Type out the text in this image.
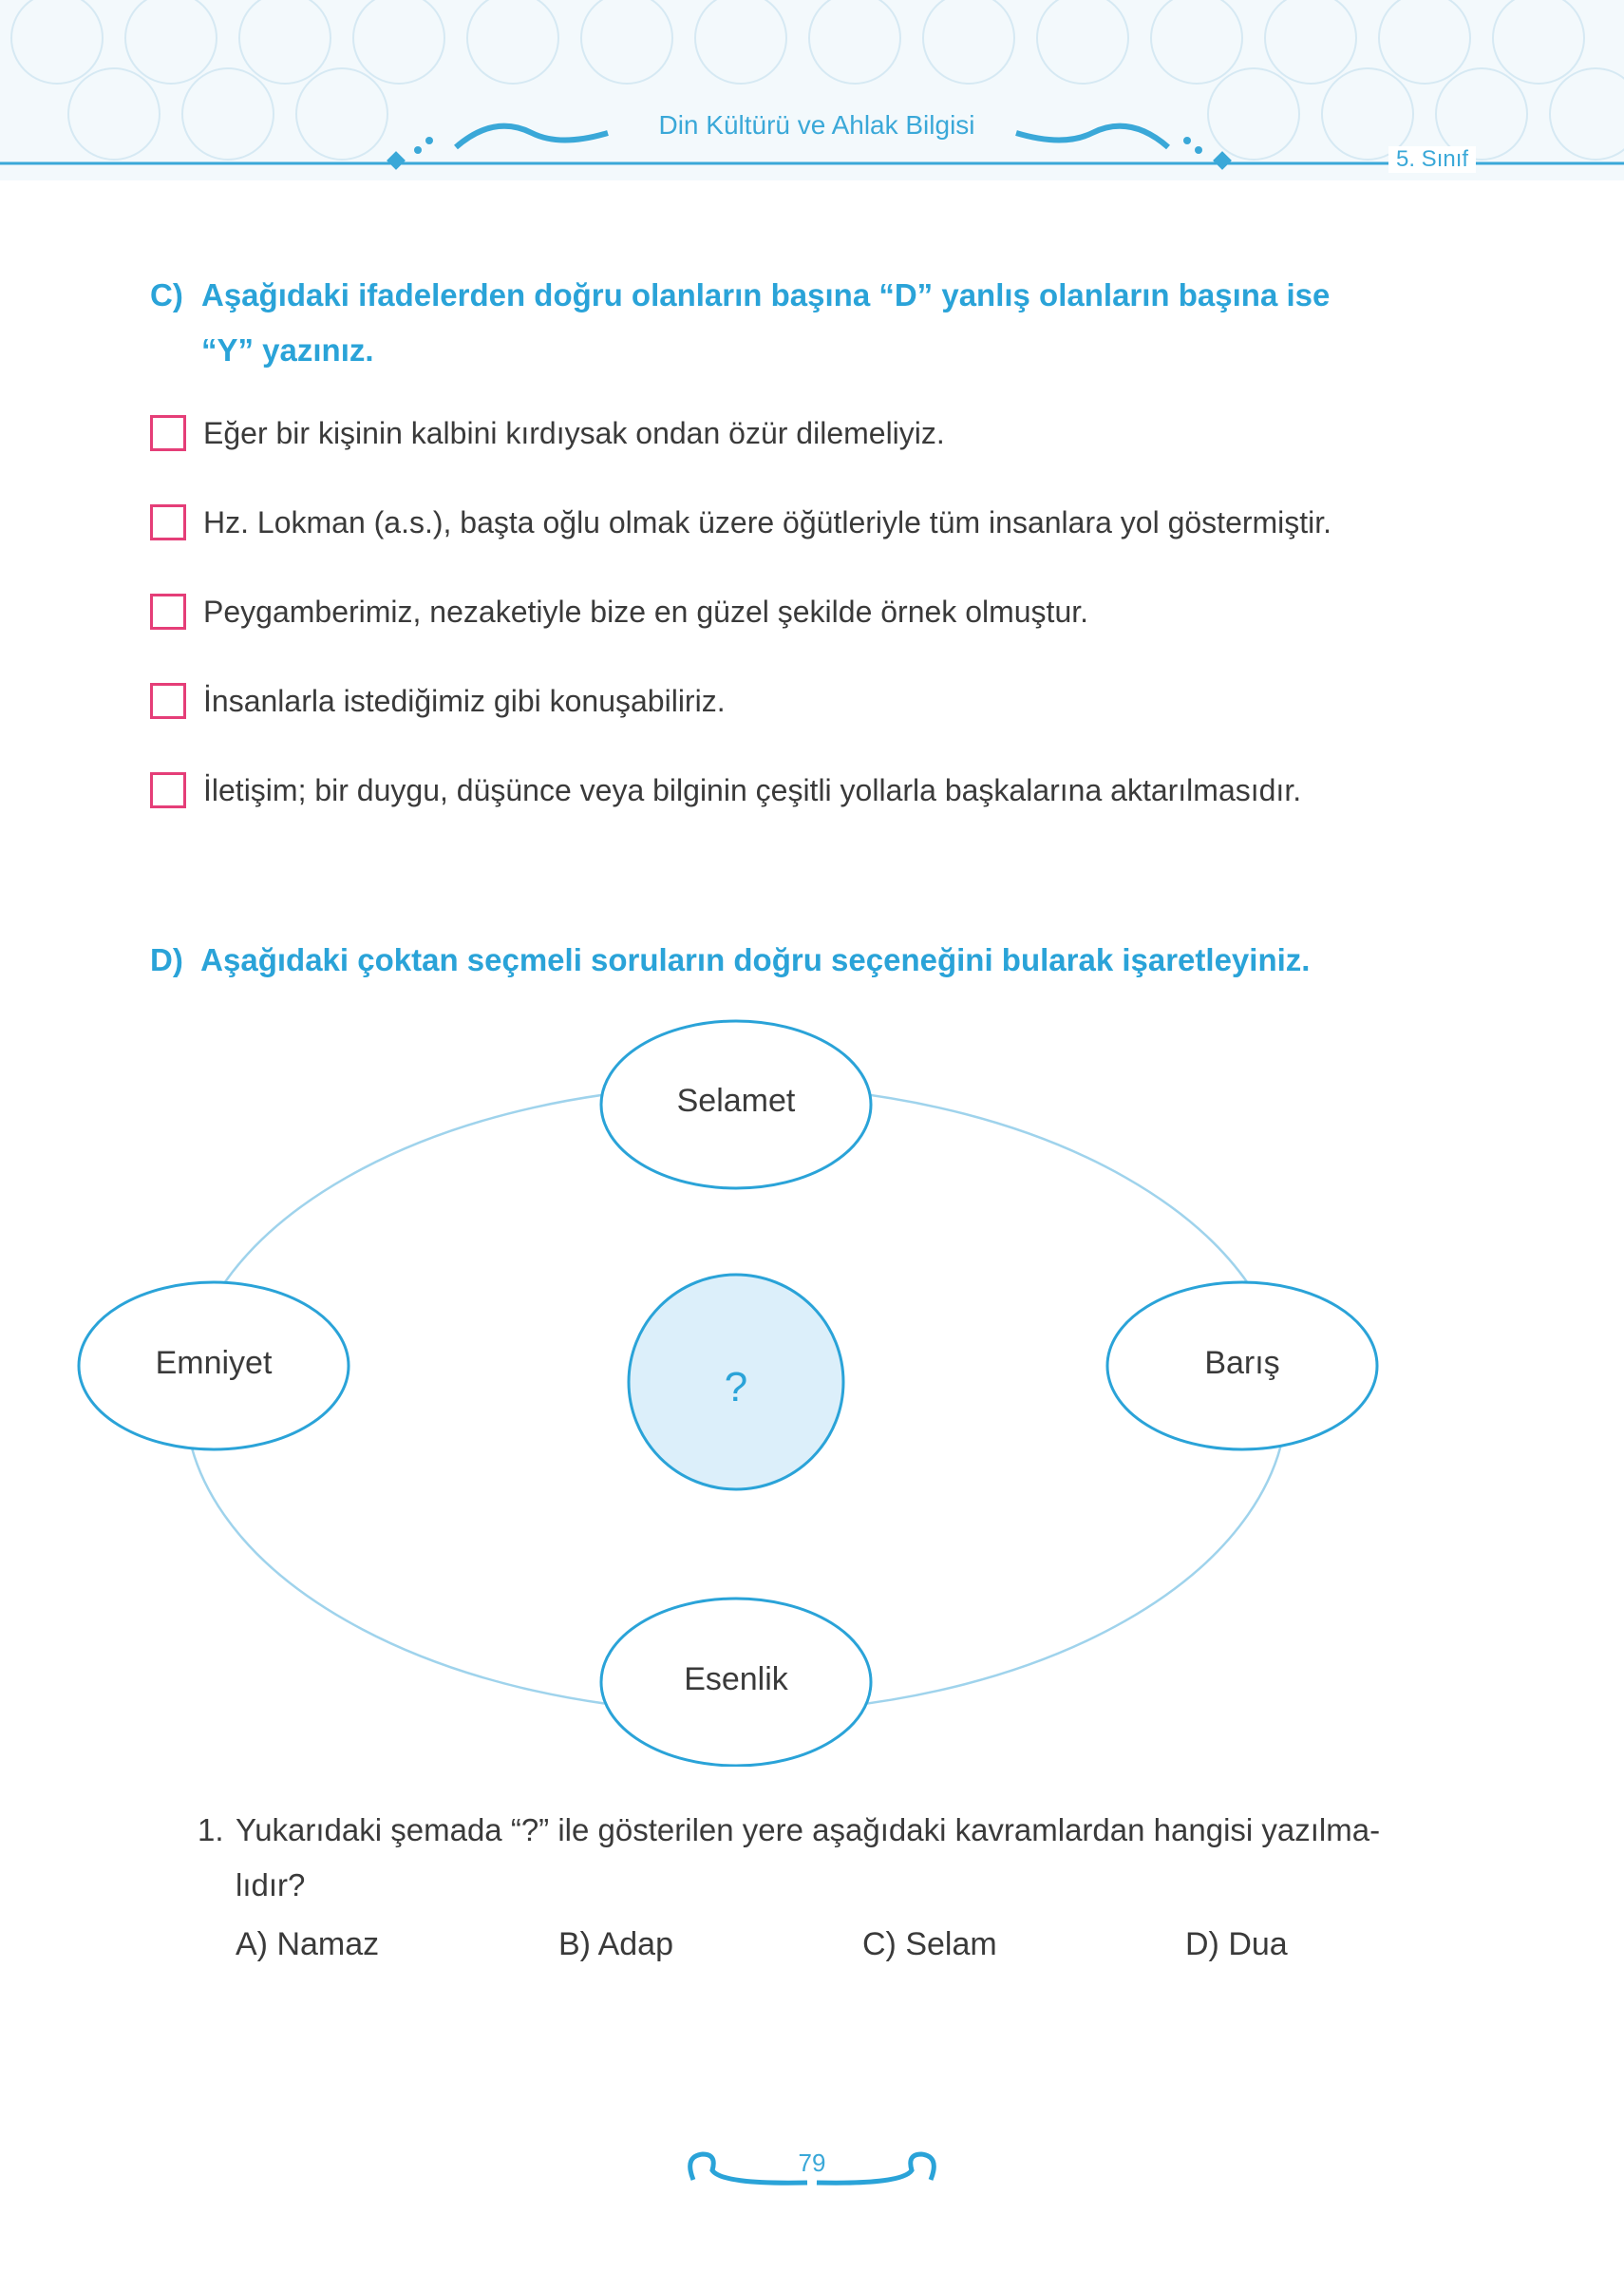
Din Kültürü ve Ahlak Bilgisi
5. Sınıf
C) Aşağıdaki ifadelerden doğru olanların başına “D” yanlış olanların başına ise
“Y” yazınız.
Eğer bir kişinin kalbini kırdıysak ondan özür dilemeliyiz.
Hz. Lokman (a.s.), başta oğlu olmak üzere öğütleriyle tüm insanlara yol göstermiştir.
Peygamberimiz, nezaketiyle bize en güzel şekilde örnek olmuştur.
İnsanlarla istediğimiz gibi konuşabiliriz.
İletişim; bir duygu, düşünce veya bilginin çeşitli yollarla başkalarına aktarılmasıdır.
D) Aşağıdaki çoktan seçmeli soruların doğru seçeneğini bularak işaretleyiniz.
Selamet
Emniyet	Barış
Esenlik
?
1. Yukarıdaki şemada “?” ile gösterilen yere aşağıdaki kavramlardan hangisi yazılma-
lıdır?
A) Namaz	B) Adap	C) Selam	D) Dua
79
